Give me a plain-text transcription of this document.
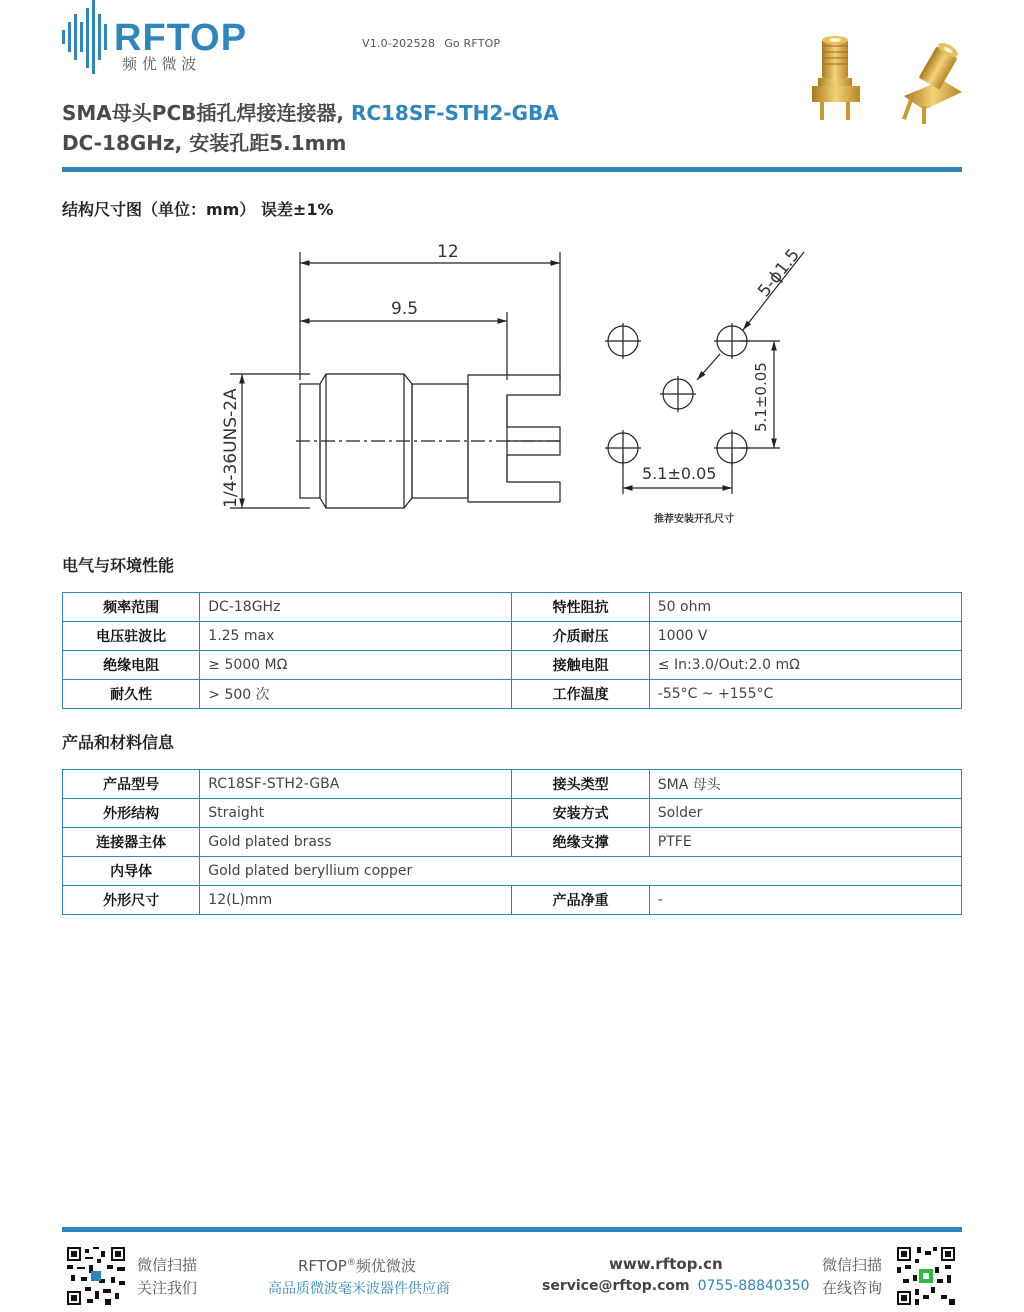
RFTOP
频 优 微 波
V1.0-202528 Go RFTOP
SMA母头PCB插孔焊接连接器, RC18SF-STH2-GBA
DC-18GHz, 安装孔距5.1mm
结构尺寸图（单位：mm） 误差±1%
12
9.5
1/4-36UNS-2A
5-ϕ1.5
5.1±0.05
5.1±0.05
推荐安装开孔尺寸
电气与环境性能
频率范围	DC-18GHz	特性阻抗	50 ohm
电压驻波比	1.25 max	介质耐压	1000 V
绝缘电阻	≥ 5000 MΩ	接触电阻	≤ In:3.0/Out:2.0 mΩ
耐久性	> 500 次	工作温度	-55°C ~ +155°C
产品和材料信息
产品型号	RC18SF-STH2-GBA	接头类型	SMA 母头
外形结构	Straight	安装方式	Solder
连接器主体	Gold plated brass	绝缘支撑	PTFE
内导体	Gold plated beryllium copper		
外形尺寸	12(L)mm	产品净重	-
微信扫描
关注我们
RFTOP®频优微波
高品质微波毫米波器件供应商
www.rftop.cn
service@rftop.com 0755-88840350
微信扫描
在线咨询
